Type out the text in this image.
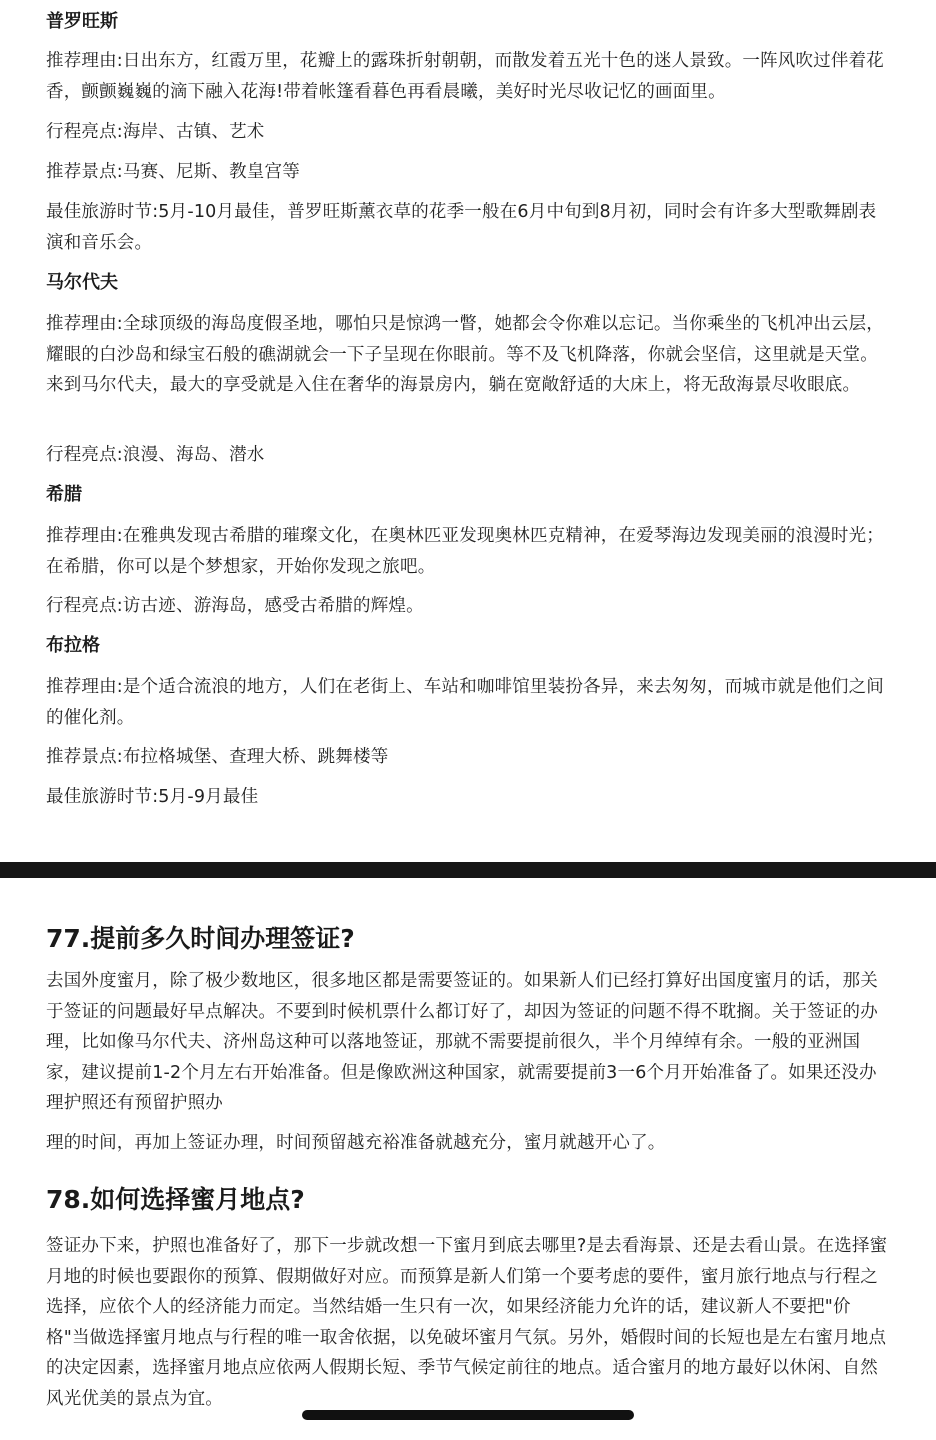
普罗旺斯
推荐理由:日出东方，红霞万里，花瓣上的露珠折射朝朝，而散发着五光十色的迷人景致。一阵风吹过伴着花香，颤颤巍巍的滴下融入花海!带着帐篷看暮色再看晨曦，美好时光尽收记忆的画面里。
行程亮点:海岸、古镇、艺术
推荐景点:马赛、尼斯、教皇宫等
最佳旅游时节:5月-10月最佳，普罗旺斯薰衣草的花季一般在6月中旬到8月初，同时会有许多大型歌舞剧表演和音乐会。
马尔代夫
推荐理由:全球顶级的海岛度假圣地，哪怕只是惊鸿一瞥，她都会令你难以忘记。当你乘坐的飞机冲出云层，耀眼的白沙岛和绿宝石般的礁湖就会一下子呈现在你眼前。等不及飞机降落，你就会坚信，这里就是天堂。来到马尔代夫，最大的享受就是入住在奢华的海景房内，躺在宽敞舒适的大床上，将无敌海景尽收眼底。
行程亮点:浪漫、海岛、潜水
希腊
推荐理由:在雅典发现古希腊的璀璨文化，在奥林匹亚发现奥林匹克精神，在爱琴海边发现美丽的浪漫时光；在希腊，你可以是个梦想家，开始你发现之旅吧。
行程亮点:访古迹、游海岛，感受古希腊的辉煌。
布拉格
推荐理由:是个适合流浪的地方，人们在老街上、车站和咖啡馆里装扮各异，来去匆匆，而城市就是他们之间的催化剂。
推荐景点:布拉格城堡、查理大桥、跳舞楼等
最佳旅游时节:5月-9月最佳
77.提前多久时间办理签证?
去国外度蜜月，除了极少数地区，很多地区都是需要签证的。如果新人们已经打算好出国度蜜月的话，那关于签证的问题最好早点解决。不要到时候机票什么都订好了，却因为签证的问题不得不耽搁。关于签证的办理，比如像马尔代夫、济州岛这种可以落地签证，那就不需要提前很久，半个月绰绰有余。一般的亚洲国家，建议提前1-2个月左右开始准备。但是像欧洲这种国家，就需要提前3一6个月开始准备了。如果还没办理护照还有预留护照办
理的时间，再加上签证办理，时间预留越充裕准备就越充分，蜜月就越开心了。
78.如何选择蜜月地点?
签证办下来，护照也准备好了，那下一步就改想一下蜜月到底去哪里?是去看海景、还是去看山景。在选择蜜月地的时候也要跟你的预算、假期做好对应。而预算是新人们第一个要考虑的要件，蜜月旅行地点与行程之选择，应依个人的经济能力而定。当然结婚一生只有一次，如果经济能力允许的话，建议新人不要把"价格"当做选择蜜月地点与行程的唯一取舍依据，以免破坏蜜月气氛。另外，婚假时间的长短也是左右蜜月地点的决定因素，选择蜜月地点应依两人假期长短、季节气候定前往的地点。适合蜜月的地方最好以休闲、自然风光优美的景点为宜。
